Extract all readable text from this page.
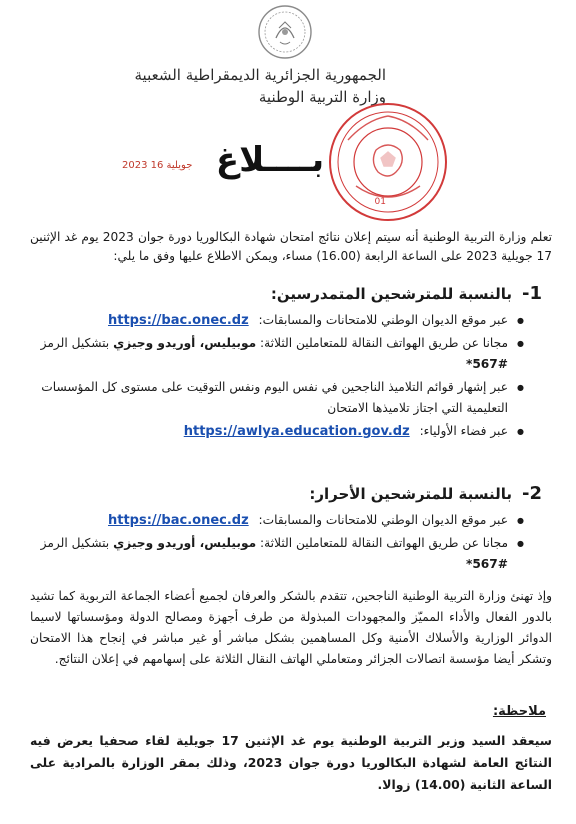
الجمهورية الجزائرية الديمقراطية الشعبية
وزارة التربية الوطنية
01
2023 جويلية 16 بــــلاغ

تعلم وزارة التربية الوطنية أنه سيتم إعلان نتائج امتحان شهادة البكالوريا دورة جوان 2023 يوم غد الإثنين 17 جويلية 2023 على الساعة الرابعة (16.00) مساء، ويمكن الاطلاع عليها وفق ما يلي:

1-بالنسبة للمترشحين المتمدرسين:
● عبر موقع الديوان الوطني للامتحانات والمسابقات: https://bac.onec.dz
● مجانا عن طريق الهواتف النقالة للمتعاملين الثلاثة: موبيليس، أوريدو وجيزي بتشكيل الرمز #567*
● عبر إشهار قوائم التلاميذ الناجحين في نفس اليوم ونفس التوقيت على مستوى كل المؤسسات التعليمية التي اجتاز تلاميذها الامتحان
● عبر فضاء الأولياء: https://awlya.education.gov.dz
2-بالنسبة للمترشحين الأحرار:
● عبر موقع الديوان الوطني للامتحانات والمسابقات: https://bac.onec.dz
● مجانا عن طريق الهواتف النقالة للمتعاملين الثلاثة: موبيليس، أوريدو وجيزي بتشكيل الرمز #567*

وإذ تهنئ وزارة التربية الوطنية الناجحين، تتقدم بالشكر والعرفان لجميع أعضاء الجماعة التربوية كما تشيد بالدور الفعال والأداء المميّز والمجهودات المبذولة من طرف أجهزة ومصالح الدولة ومؤسساتها لاسيما الدوائر الوزارية والأسلاك الأمنية وكل المساهمين بشكل مباشر أو غير مباشر في إنجاح هذا الامتحان وتشكر أيضا مؤسسة اتصالات الجزائر ومتعاملي الهاتف النقال الثلاثة على إسهامهم في إعلان النتائج.

ملاحظة:

سيعقد السيد وزير التربية الوطنية يوم غد الإثنين 17 جويلية لقاء صحفيا يعرض فيه النتائج العامة لشهادة البكالوريا دورة جوان 2023، وذلك بمقر الوزارة بالمرادية على الساعة الثانية (14.00) زوالا.
